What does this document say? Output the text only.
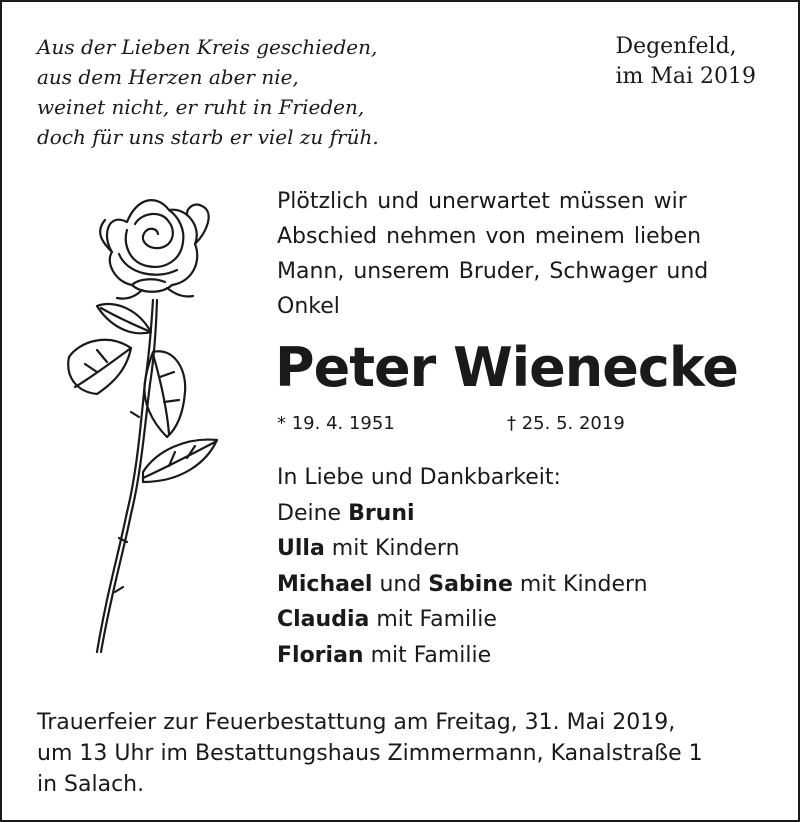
Aus der Lieben Kreis geschieden,
aus dem Herzen aber nie,
weinet nicht, er ruht in Frieden,
doch für uns starb er viel zu früh.
Degenfeld,
im Mai 2019
Plötzlich und unerwartet müssen wir
Abschied nehmen von meinem lieben
Mann, unserem Bruder, Schwager und
Onkel
Peter Wienecke
* 19. 4. 1951	† 25. 5. 2019
In Liebe und Dankbarkeit:
Deine Bruni
Ulla mit Kindern
Michael und Sabine mit Kindern
Claudia mit Familie
Florian mit Familie
Trauerfeier zur Feuerbestattung am Freitag, 31. Mai 2019,
um 13 Uhr im Bestattungshaus Zimmermann, Kanalstraße 1
in Salach.
